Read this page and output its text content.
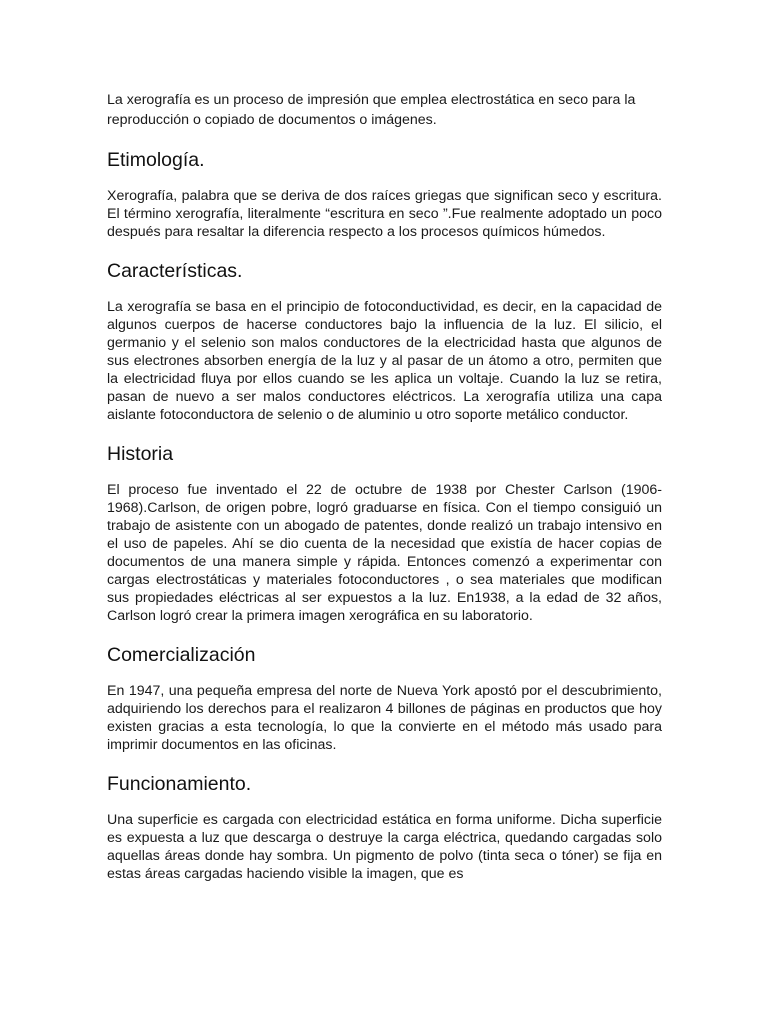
La xerografía es un proceso de impresión que emplea electrostática en seco para la reproducción o copiado de documentos o imágenes.

Etimología.

Xerografía, palabra que se deriva de dos raíces griegas que significan seco y escritura. El término xerografía, literalmente “escritura en seco ”.Fue realmente adoptado un poco después para resaltar la diferencia respecto a los procesos químicos húmedos.

Características.

La xerografía se basa en el principio de fotoconductividad, es decir, en la capacidad de algunos cuerpos de hacerse conductores bajo la influencia de la luz. El silicio, el germanio y el selenio son malos conductores de la electricidad hasta que algunos de sus electrones absorben energía de la luz y al pasar de un átomo a otro, permiten que la electricidad fluya por ellos cuando se les aplica un voltaje. Cuando la luz se retira, pasan de nuevo a ser malos conductores eléctricos. La xerografía utiliza una capa aislante fotoconductora de selenio o de aluminio u otro soporte metálico conductor.

Historia

El proceso fue inventado el 22 de octubre de 1938 por Chester Carlson (1906-1968).Carlson, de origen pobre, logró graduarse en física. Con el tiempo consiguió un trabajo de asistente con un abogado de patentes, donde realizó un trabajo intensivo en el uso de papeles. Ahí se dio cuenta de la necesidad que existía de hacer copias de documentos de una manera simple y rápida. Entonces comenzó a experimentar con cargas electrostáticas y materiales fotoconductores , o sea materiales que modifican sus propiedades eléctricas al ser expuestos a la luz. En1938, a la edad de 32 años, Carlson logró crear la primera imagen xerográfica en su laboratorio.

Comercialización

En 1947, una pequeña empresa del norte de Nueva York apostó por el descubrimiento, adquiriendo los derechos para el realizaron 4 billones de páginas en productos que hoy existen gracias a esta tecnología, lo que la convierte en el método más usado para imprimir documentos en las oficinas.

Funcionamiento.

Una superficie es cargada con electricidad estática en forma uniforme. Dicha superficie es expuesta a luz que descarga o destruye la carga eléctrica, quedando cargadas solo aquellas áreas donde hay sombra. Un pigmento de polvo (tinta seca o tóner) se fija en estas áreas cargadas haciendo visible la imagen, que es
